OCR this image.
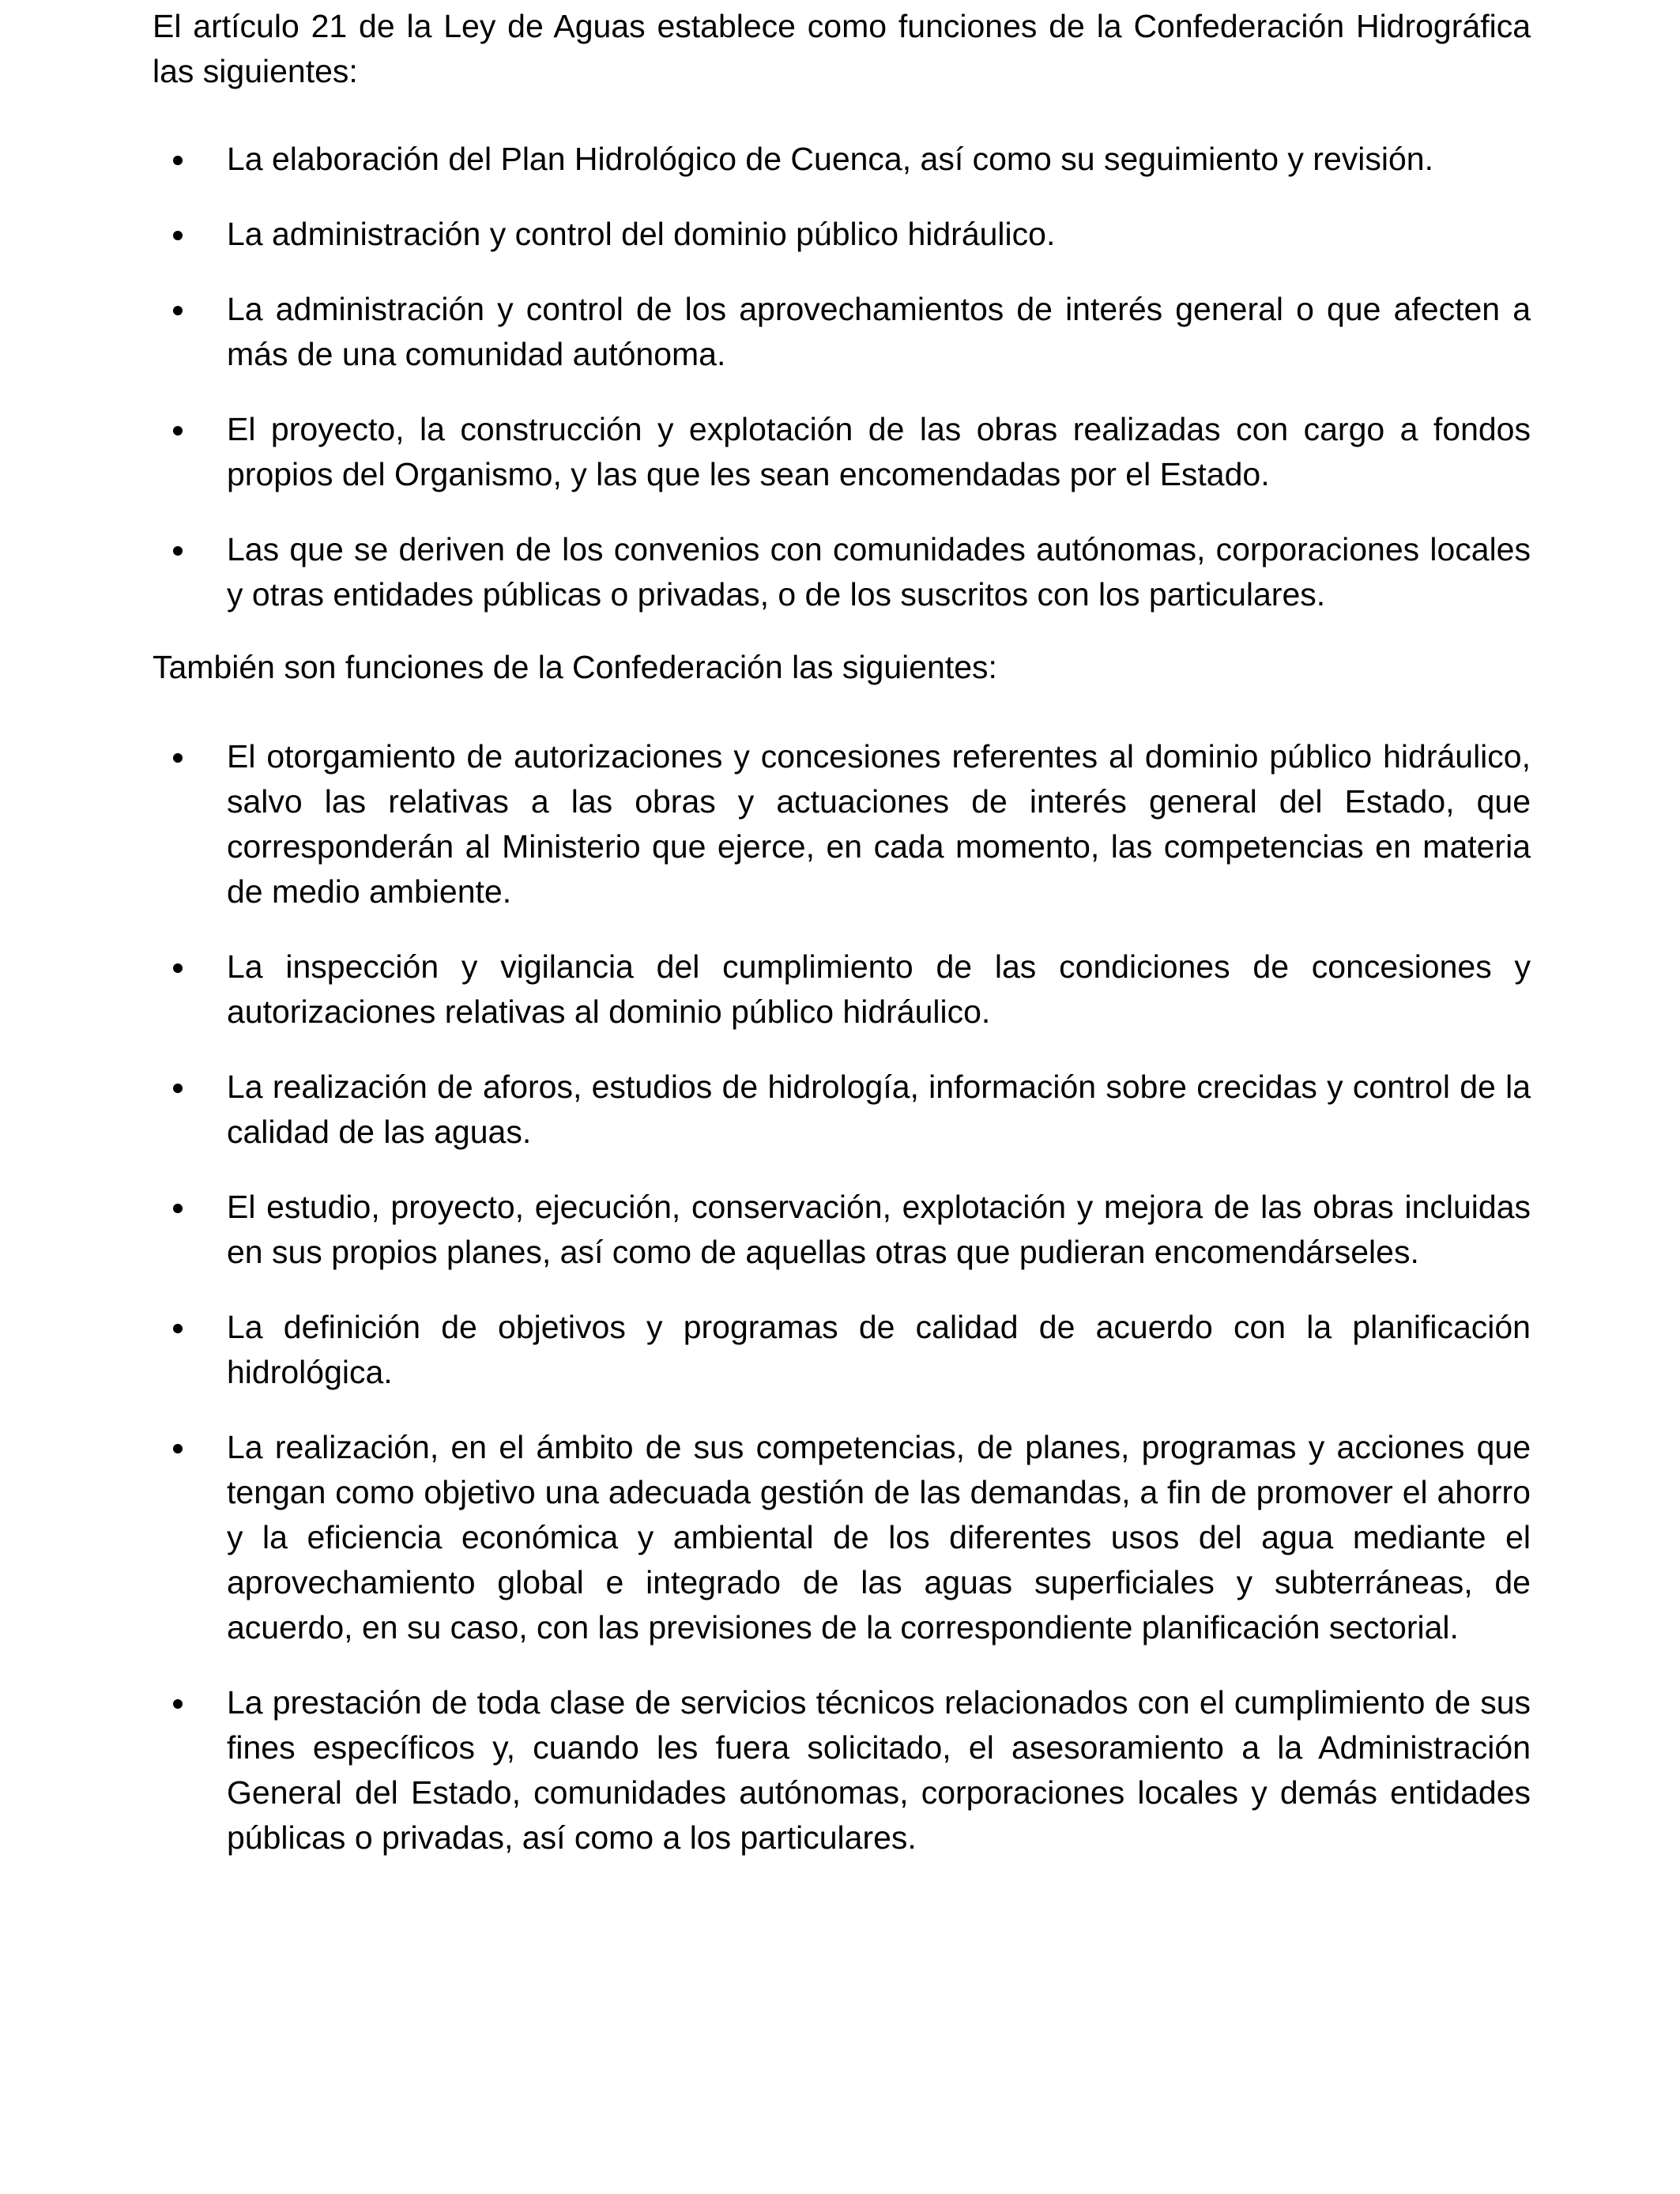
El artículo 21 de la Ley de Aguas establece como funciones de la Confederación Hidrográfica las siguientes:

La elaboración del Plan Hidrológico de Cuenca, así como su seguimiento y revisión.
La administración y control del dominio público hidráulico.
La administración y control de los aprovechamientos de interés general o que afecten a más de una comunidad autónoma.
El proyecto, la construcción y explotación de las obras realizadas con cargo a fondos propios del Organismo, y las que les sean encomendadas por el Estado.
Las que se deriven de los convenios con comunidades autónomas, corporaciones locales y otras entidades públicas o privadas, o de los suscritos con los particulares.

También son funciones de la Confederación las siguientes:

El otorgamiento de autorizaciones y concesiones referentes al dominio público hidráulico, salvo las relativas a las obras y actuaciones de interés general del Estado, que corresponderán al Ministerio que ejerce, en cada momento, las competencias en materia de medio ambiente.
La inspección y vigilancia del cumplimiento de las condiciones de concesiones y autorizaciones relativas al dominio público hidráulico.
La realización de aforos, estudios de hidrología, información sobre crecidas y control de la calidad de las aguas.
El estudio, proyecto, ejecución, conservación, explotación y mejora de las obras incluidas en sus propios planes, así como de aquellas otras que pudieran encomendárseles.
La definición de objetivos y programas de calidad de acuerdo con la planificación hidrológica.
La realización, en el ámbito de sus competencias, de planes, programas y acciones que tengan como objetivo una adecuada gestión de las demandas, a fin de promover el ahorro y la eficiencia económica y ambiental de los diferentes usos del agua mediante el aprovechamiento global e integrado de las aguas superficiales y subterráneas, de acuerdo, en su caso, con las previsiones de la correspondiente planificación sectorial.
La prestación de toda clase de servicios técnicos relacionados con el cumplimiento de sus fines específicos y, cuando les fuera solicitado, el asesoramiento a la Administración General del Estado, comunidades autónomas, corporaciones locales y demás entidades públicas o privadas, así como a los particulares.
